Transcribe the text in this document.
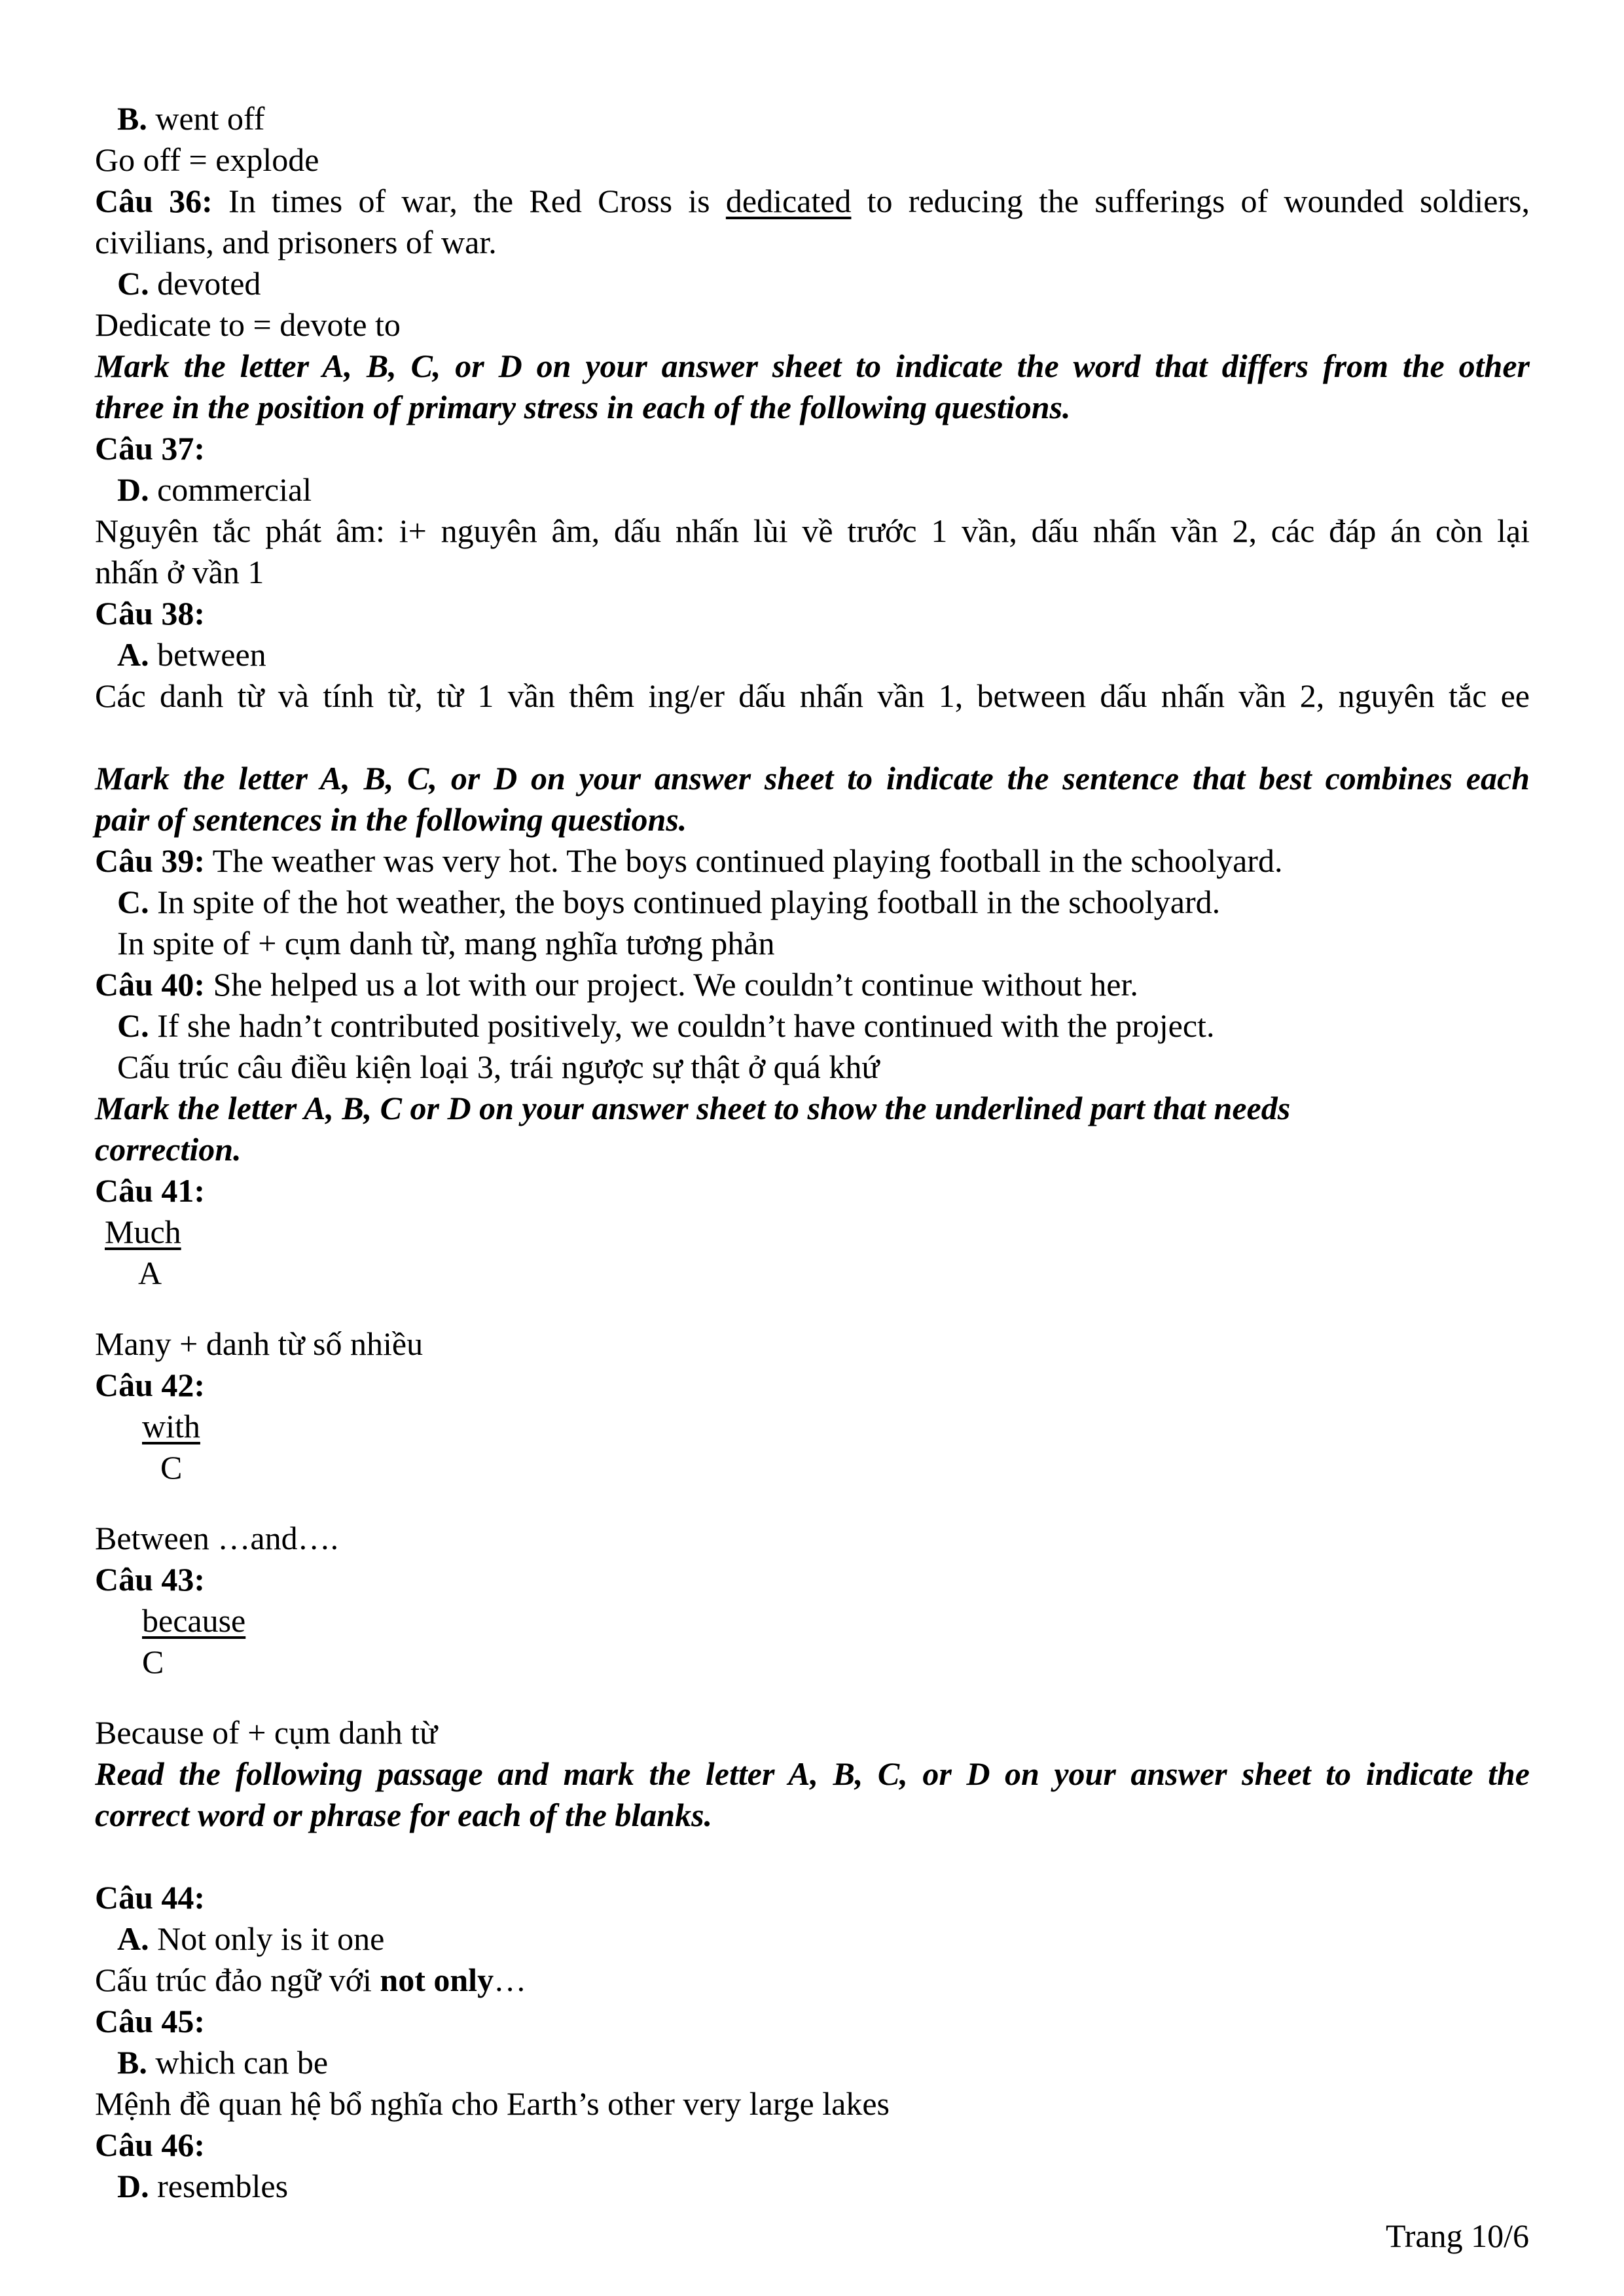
B. went off
Go off = explode
Câu 36: In times of war, the Red Cross is dedicated to reducing the sufferings of wounded soldiers,
civilians, and prisoners of war.
C. devoted
Dedicate to = devote to
Mark the letter A, B, C, or D on your answer sheet to indicate the word that differs from the other
three in the position of primary stress in each of the following questions.
Câu 37:
D. commercial
Nguyên tắc phát âm: i+ nguyên âm, dấu nhấn lùi về trước 1 vần, dấu nhấn vần 2, các đáp án còn lại
nhấn ở vần 1
Câu 38:
A. between
Các danh từ và tính từ, từ 1 vần thêm ing/er dấu nhấn vần 1, between dấu nhấn vần 2, nguyên tắc ee
Mark the letter A, B, C, or D on your answer sheet to indicate the sentence that best combines each
pair of sentences in the following questions.
Câu 39: The weather was very hot. The boys continued playing football in the schoolyard.
C. In spite of the hot weather, the boys continued playing football in the schoolyard.
In spite of + cụm danh từ, mang nghĩa tương phản
Câu 40: She helped us a lot with our project. We couldn’t continue without her.
C. If she hadn’t contributed positively, we couldn’t have continued with the project.
Cấu trúc câu điều kiện loại 3, trái ngược sự thật ở quá khứ
Mark the letter A, B, C or D on your answer sheet to show the underlined part that needs
correction.
Câu 41:
Much
A
Many + danh từ số nhiều
Câu 42:
with
C
Between …and….
Câu 43:
because
C
Because of + cụm danh từ
Read the following passage and mark the letter A, B, C, or D on your answer sheet to indicate the
correct word or phrase for each of the blanks.
Câu 44:
A. Not only is it one
Cấu trúc đảo ngữ với not only…
Câu 45:
B. which can be
Mệnh đề quan hệ bổ nghĩa cho Earth’s other very large lakes
Câu 46:
D. resembles
Trang 10/6
